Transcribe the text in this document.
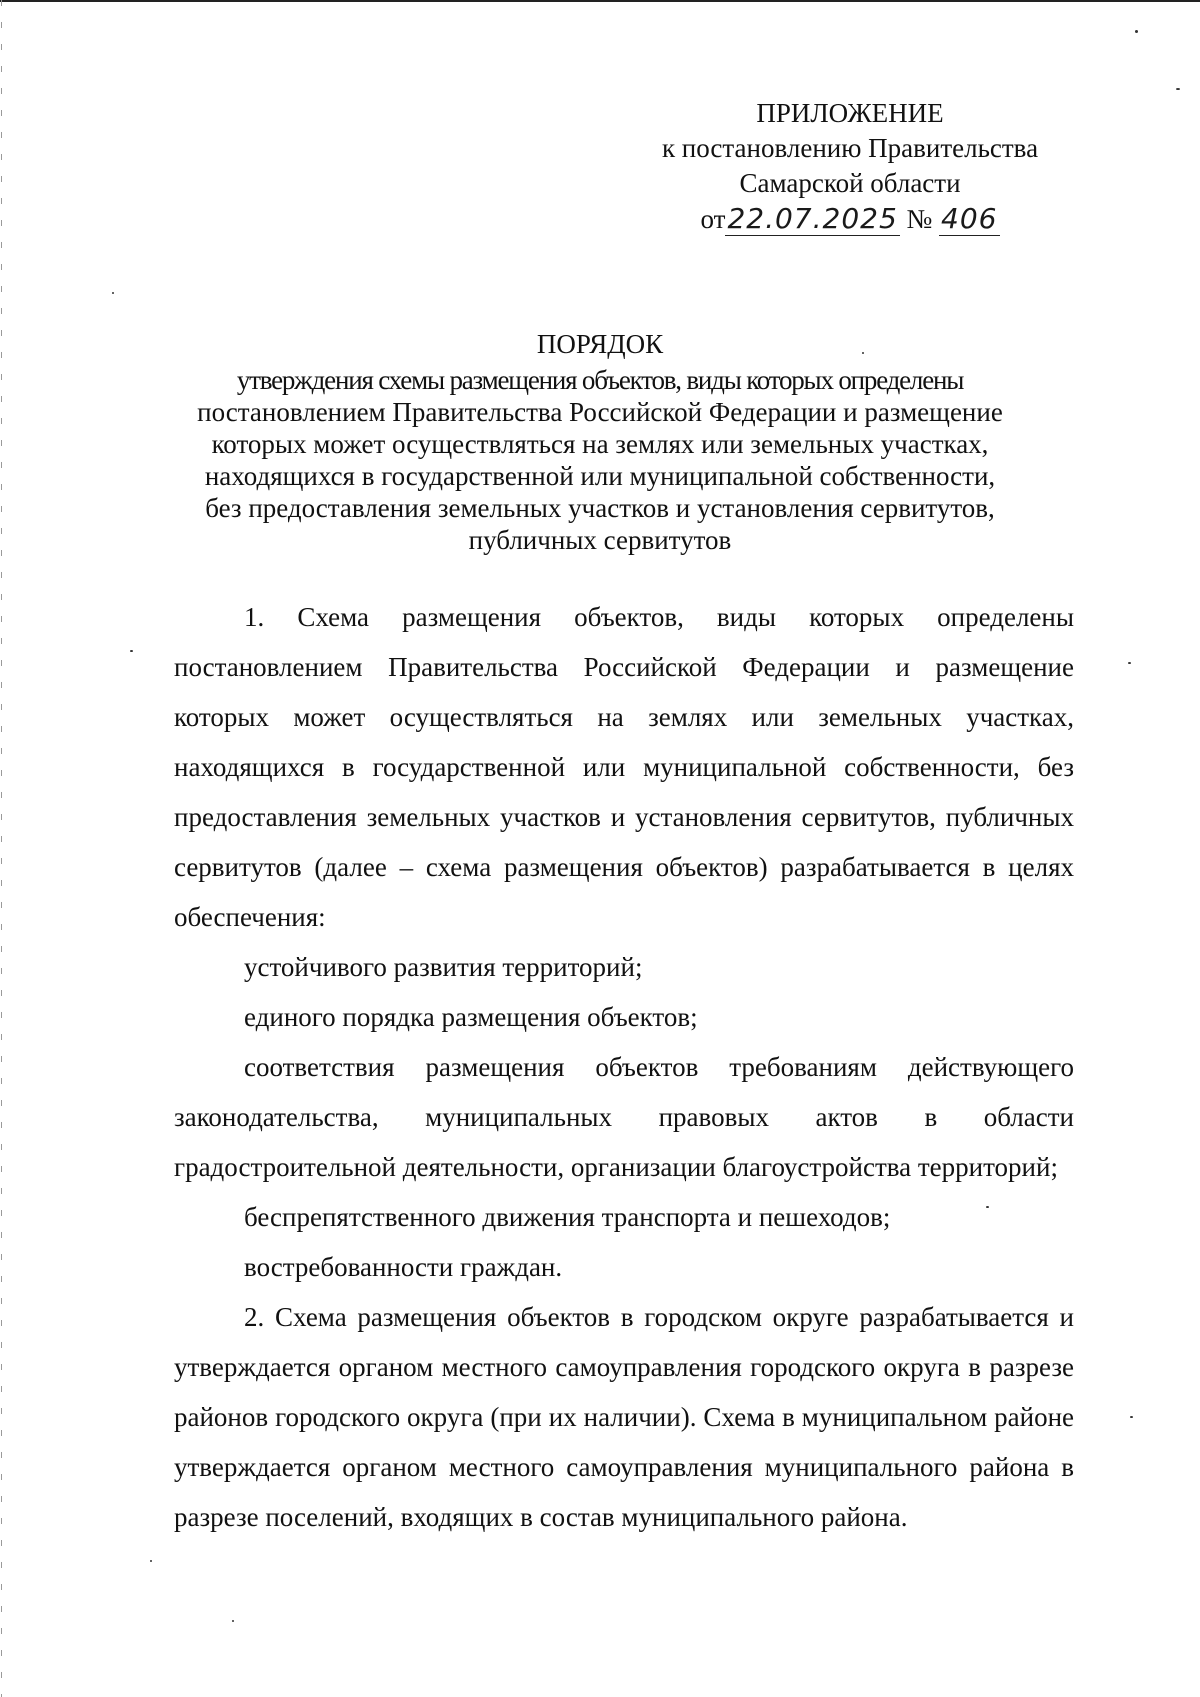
ПРИЛОЖЕНИЕ
к постановлению Правительства
Самарской области
от22.07.2025 № 406
ПОРЯДОК
утверждения схемы размещения объектов, виды которых определены
постановлением Правительства Российской Федерации и размещение
которых может осуществляться на землях или земельных участках,
находящихся в государственной или муниципальной собственности,
без предоставления земельных участков и установления сервитутов,
публичных сервитутов

1. Схема размещения объектов, виды которых определены постановлением Правительства Российской Федерации и размещение которых может осуществляться на землях или земельных участках, находящихся в государственной или муниципальной собственности, без предоставления земельных участков и установления сервитутов, публичных сервитутов (далее – схема размещения объектов) разрабатывается в целях обеспечения:

устойчивого развития территорий;

единого порядка размещения объектов;

соответствия размещения объектов требованиям действующего законодательства, муниципальных правовых актов в области градостроительной деятельности, организации благоустройства территорий;

беспрепятственного движения транспорта и пешеходов;

востребованности граждан.

2. Схема размещения объектов в городском округе разрабатывается и утверждается органом местного самоуправления городского округа в разрезе районов городского округа (при их наличии). Схема в муниципальном районе утверждается органом местного самоуправления муниципального района в разрезе поселений, входящих в состав муниципального района.
